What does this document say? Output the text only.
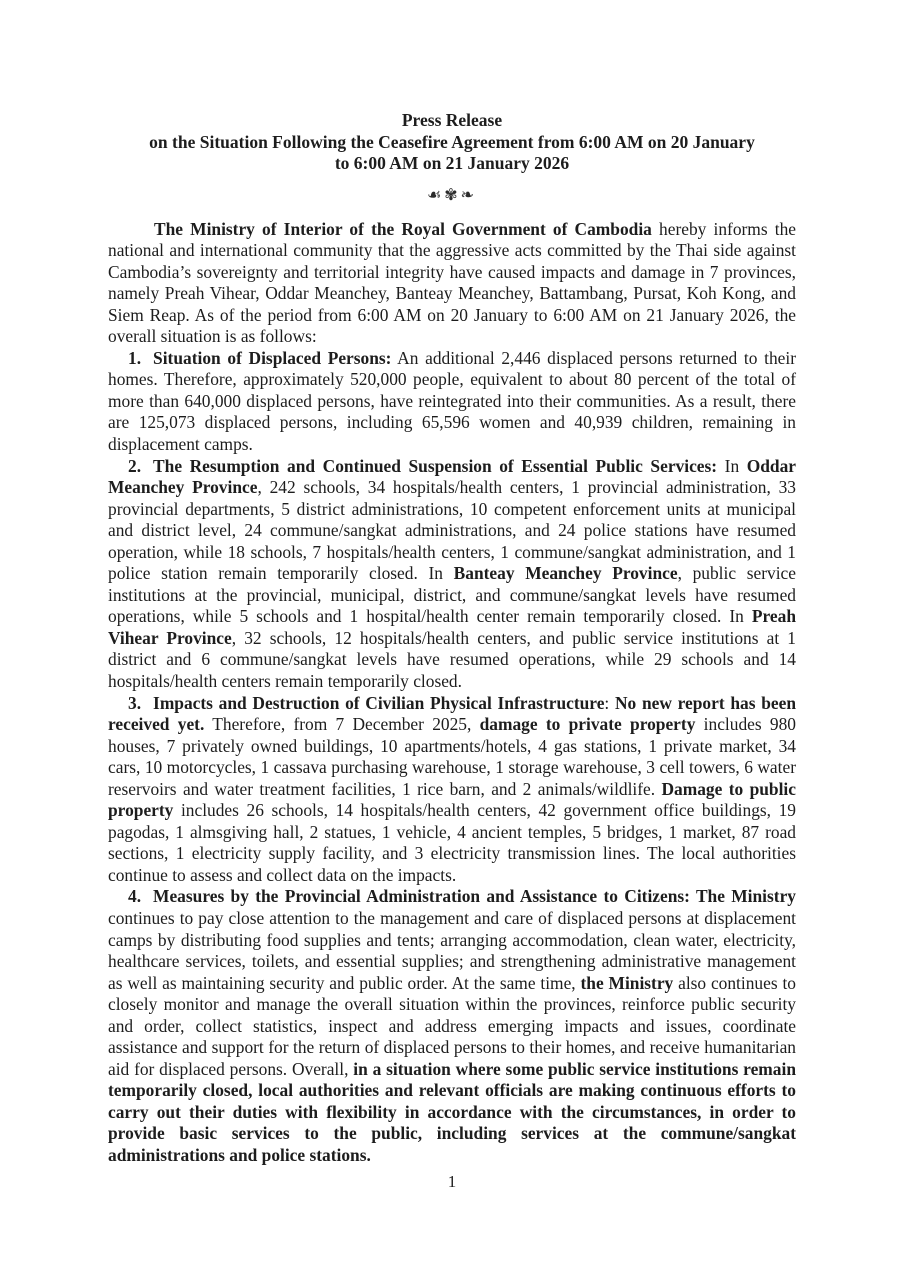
Press Release
on the Situation Following the Ceasefire Agreement from 6:00 AM on 20 January
to 6:00 AM on 21 January 2026
☙✾❧

The Ministry of Interior of the Royal Government of Cambodia hereby informs the national and international community that the aggressive acts committed by the Thai side against Cambodia’s sovereignty and territorial integrity have caused impacts and damage in 7 provinces, namely Preah Vihear, Oddar Meanchey, Banteay Meanchey, Battambang, Pursat, Koh Kong, and Siem Reap. As of the period from 6:00 AM on 20 January to 6:00 AM on 21 January 2026, the overall situation is as follows:

1. Situation of Displaced Persons: An additional 2,446 displaced persons returned to their homes. Therefore, approximately 520,000 people, equivalent to about 80 percent of the total of more than 640,000 displaced persons, have reintegrated into their communities. As a result, there are 125,073 displaced persons, including 65,596 women and 40,939 children, remaining in displacement camps.

2. The Resumption and Continued Suspension of Essential Public Services: In Oddar Meanchey Province, 242 schools, 34 hospitals/health centers, 1 provincial administration, 33 provincial departments, 5 district administrations, 10 competent enforcement units at municipal and district level, 24 commune/sangkat administrations, and 24 police stations have resumed operation, while 18 schools, 7 hospitals/health centers, 1 commune/sangkat administration, and 1 police station remain temporarily closed. In Banteay Meanchey Province, public service institutions at the provincial, municipal, district, and commune/sangkat levels have resumed operations, while 5 schools and 1 hospital/health center remain temporarily closed. In Preah Vihear Province, 32 schools, 12 hospitals/health centers, and public service institutions at 1 district and 6 commune/sangkat levels have resumed operations, while 29 schools and 14 hospitals/health centers remain temporarily closed.

3. Impacts and Destruction of Civilian Physical Infrastructure: No new report has been received yet. Therefore, from 7 December 2025, damage to private property includes 980 houses, 7 privately owned buildings, 10 apartments/hotels, 4 gas stations, 1 private market, 34 cars, 10 motorcycles, 1 cassava purchasing warehouse, 1 storage warehouse, 3 cell towers, 6 water reservoirs and water treatment facilities, 1 rice barn, and 2 animals/wildlife. Damage to public property includes 26 schools, 14 hospitals/health centers, 42 government office buildings, 19 pagodas, 1 almsgiving hall, 2 statues, 1 vehicle, 4 ancient temples, 5 bridges, 1 market, 87 road sections, 1 electricity supply facility, and 3 electricity transmission lines. The local authorities continue to assess and collect data on the impacts.

4. Measures by the Provincial Administration and Assistance to Citizens: The Ministry continues to pay close attention to the management and care of displaced persons at displacement camps by distributing food supplies and tents; arranging accommodation, clean water, electricity, healthcare services, toilets, and essential supplies; and strengthening administrative management as well as maintaining security and public order. At the same time, the Ministry also continues to closely monitor and manage the overall situation within the provinces, reinforce public security and order, collect statistics, inspect and address emerging impacts and issues, coordinate assistance and support for the return of displaced persons to their homes, and receive humanitarian aid for displaced persons. Overall, in a situation where some public service institutions remain temporarily closed, local authorities and relevant officials are making continuous efforts to carry out their duties with flexibility in accordance with the circumstances, in order to provide basic services to the public, including services at the commune/sangkat administrations and police stations.

1
